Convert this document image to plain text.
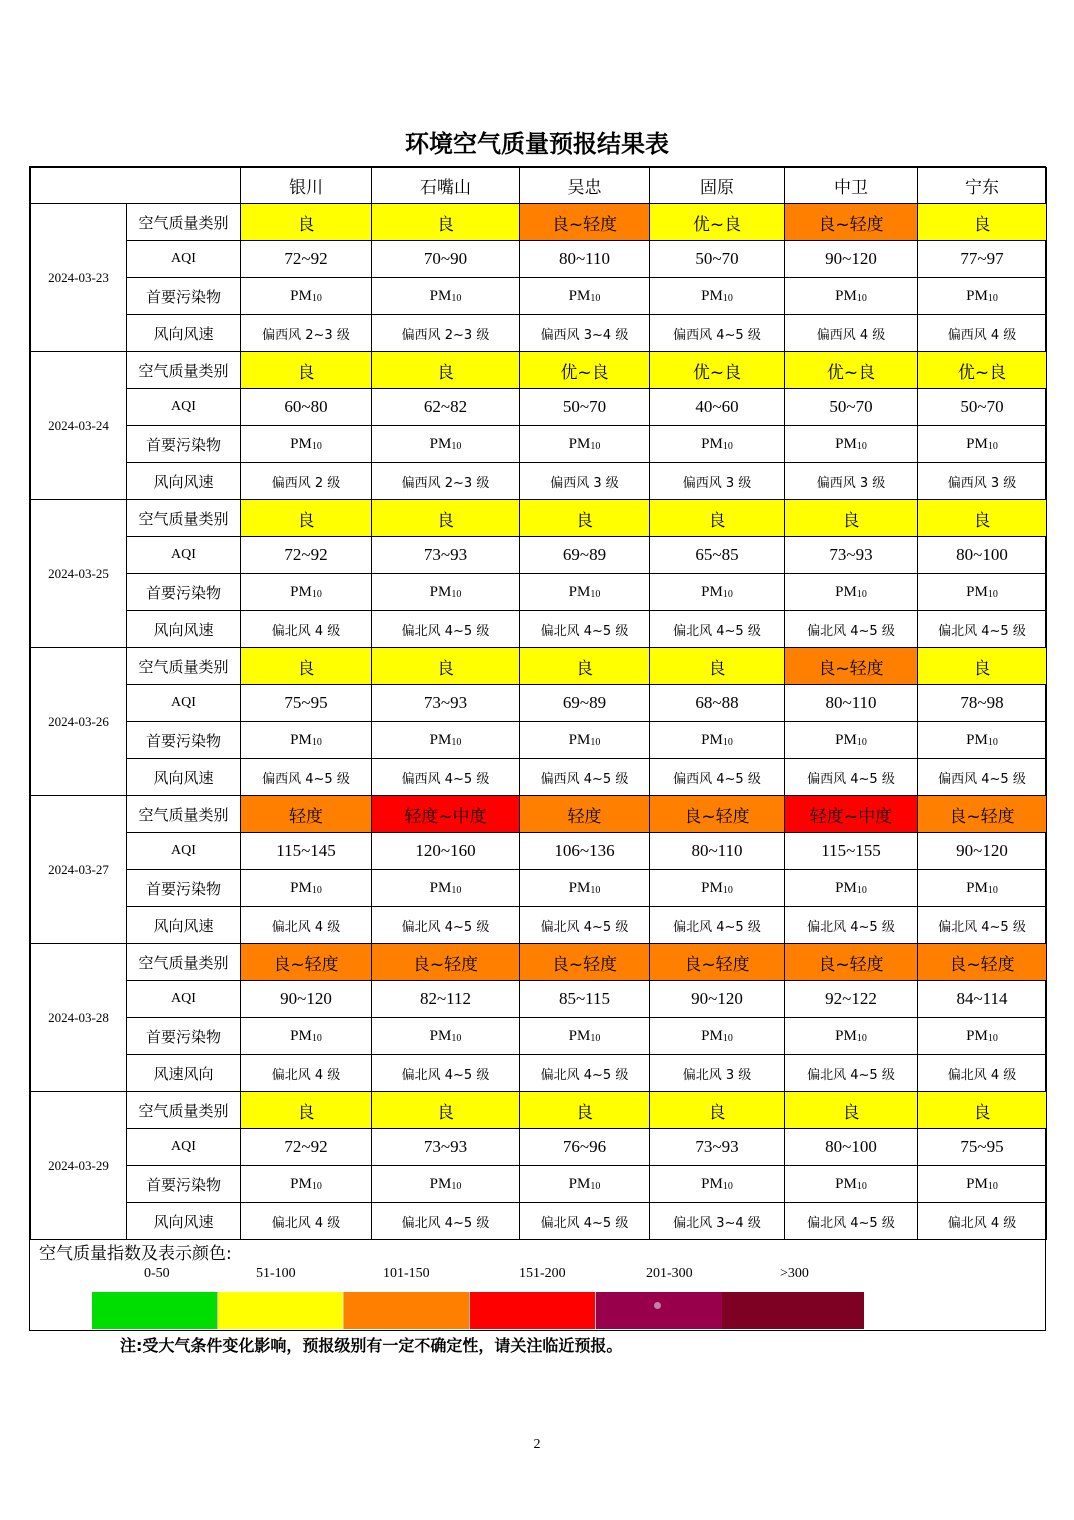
环境空气质量预报结果表
		银川	石嘴山	吴忠	固原	中卫	宁东
2024-03-23	空气质量类别	良	良	良~轻度	优~良	良~轻度	良
	AQI	72~92	70~90	80~110	50~70	90~120	77~97
	首要污染物	$PM_{10}$	$PM_{10}$	$PM_{10}$	$PM_{10}$	$PM_{10}$	$PM_{10}$
	风向风速	偏西风 2~3 级	偏西风 2~3 级	偏西风 3~4 级	偏西风 4~5 级	偏西风 4 级	偏西风 4 级
2024-03-24	空气质量类别	良	良	优~良	优~良	优~良	优~良
	AQI	60~80	62~82	50~70	40~60	50~70	50~70
	首要污染物	$PM_{10}$	$PM_{10}$	$PM_{10}$	$PM_{10}$	$PM_{10}$	$PM_{10}$
	风向风速	偏西风 2 级	偏西风 2~3 级	偏西风 3 级	偏西风 3 级	偏西风 3 级	偏西风 3 级
2024-03-25	空气质量类别	良	良	良	良	良	良
	AQI	72~92	73~93	69~89	65~85	73~93	80~100
	首要污染物	$PM_{10}$	$PM_{10}$	$PM_{10}$	$PM_{10}$	$PM_{10}$	$PM_{10}$
	风向风速	偏北风 4 级	偏北风 4~5 级	偏北风 4~5 级	偏北风 4~5 级	偏北风 4~5 级	偏北风 4~5 级
2024-03-26	空气质量类别	良	良	良	良	良~轻度	良
	AQI	75~95	73~93	69~89	68~88	80~110	78~98
	首要污染物	$PM_{10}$	$PM_{10}$	$PM_{10}$	$PM_{10}$	$PM_{10}$	$PM_{10}$
	风向风速	偏西风 4~5 级	偏西风 4~5 级	偏西风 4~5 级	偏西风 4~5 级	偏西风 4~5 级	偏西风 4~5 级
2024-03-27	空气质量类别	轻度	轻度~中度	轻度	良~轻度	轻度~中度	良~轻度
	AQI	115~145	120~160	106~136	80~110	115~155	90~120
	首要污染物	$PM_{10}$	$PM_{10}$	$PM_{10}$	$PM_{10}$	$PM_{10}$	$PM_{10}$
	风向风速	偏北风 4 级	偏北风 4~5 级	偏北风 4~5 级	偏北风 4~5 级	偏北风 4~5 级	偏北风 4~5 级
2024-03-28	空气质量类别	良~轻度	良~轻度	良~轻度	良~轻度	良~轻度	良~轻度
	AQI	90~120	82~112	85~115	90~120	92~122	84~114
	首要污染物	$PM_{10}$	$PM_{10}$	$PM_{10}$	$PM_{10}$	$PM_{10}$	$PM_{10}$
	风速风向	偏北风 4 级	偏北风 4~5 级	偏北风 4~5 级	偏北风 3 级	偏北风 4~5 级	偏北风 4 级
2024-03-29	空气质量类别	良	良	良	良	良	良
	AQI	72~92	73~93	76~96	73~93	80~100	75~95
	首要污染物	$PM_{10}$	$PM_{10}$	$PM_{10}$	$PM_{10}$	$PM_{10}$	$PM_{10}$
	风向风速	偏北风 4 级	偏北风 4~5 级	偏北风 4~5 级	偏北风 3~4 级	偏北风 4~5 级	偏北风 4 级

空气质量指数及表示颜色:

0-50	51-100	101-150	151-200	201-300	>300

注:受大气条件变化影响，预报级别有一定不确定性，请关注临近预报。

2
